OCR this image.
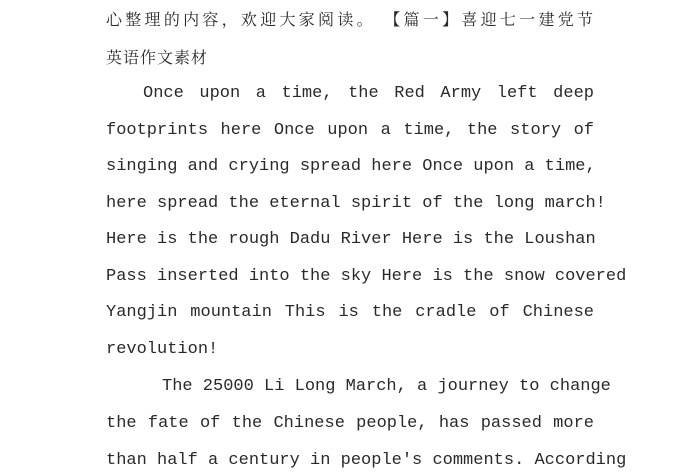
心整理的内容，欢迎大家阅读。 【篇一】喜迎七一建党节
英语作文素材
Once upon a time, the Red Army left deep
footprints here Once upon a time, the story of
singing and crying spread here Once upon a time,
here spread the eternal spirit of the long march!
Here is the rough Dadu River Here is the Loushan
Pass inserted into the sky Here is the snow covered
Yangjin mountain This is the cradle of Chinese
revolution!
The 25000 Li Long March, a journey to change
the fate of the Chinese people, has passed more
than half a century in people's comments. According
